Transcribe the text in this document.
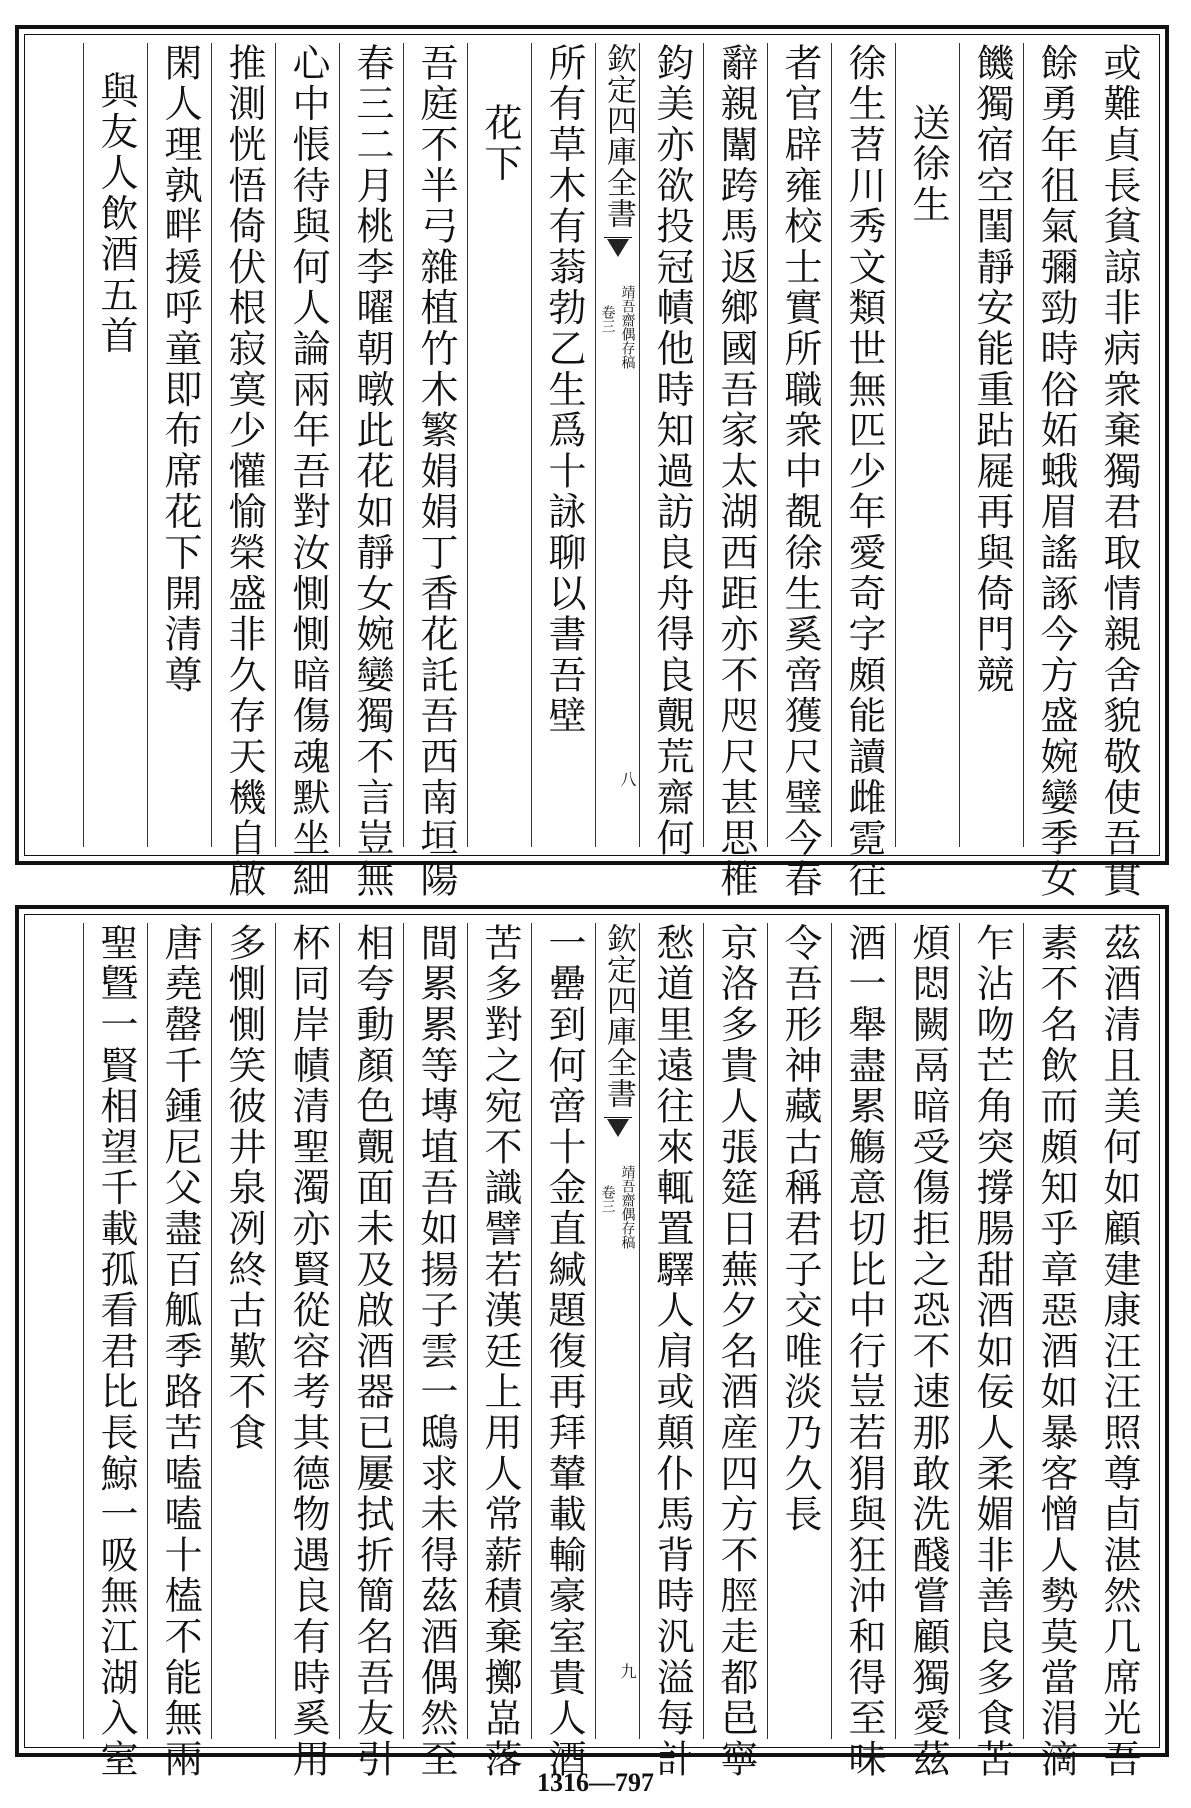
或難貞長貧諒非病衆棄獨君取情親舍貌敬使吾貫
餘勇年徂氣彌勁時俗妬蛾眉謠諑今方盛婉孌季女
饑獨宿空閨靜安能重跕屣再與倚門競
送徐生
徐生苕川秀文類世無匹少年愛奇字頗能讀雌霓往
者官辟雍校士實所職衆中覩徐生奚啻獲尺璧今春
辭親闈跨馬返鄉國吾家太湖西距亦不咫尺甚思椎
鈞美亦欲投冠幘他時知過訪良舟得良覿荒齋何
欽定四庫全書
靖吾齋偶存稿
卷三
八
所有草木有蓊勃乙生爲十詠聊以書吾壁
花下
吾庭不半弓雜植竹木繁娟娟丁香花託吾西南垣陽
春三二月桃李曜朝暾此花如靜女婉孌獨不言豈無
心中悵待與何人論兩年吾對汝惻惻暗傷魂默坐細
推測恍悟倚伏根寂寞少懽愉榮盛非久存天機自啟
閑人理孰畔援呼童即布席花下開清尊
與友人飲酒五首
茲酒清且美何如顧建康汪汪照尊卣湛然几席光吾
素不名飲而頗知乎章惡酒如暴客憎人勢莫當涓滴
乍沾吻芒角突撐腸甜酒如佞人柔媚非善良多食苦
煩悶闕鬲暗受傷拒之恐不速那敢洗醆嘗顧獨愛茲
酒一舉盡累觴意切比中行豈若狷與狂沖和得至味
令吾形神藏古稱君子交唯淡乃久長
京洛多貴人張筵日蕪夕名酒産四方不脛走都邑寧
愁道里遠往來輒置驛人肩或顛仆馬背時汎溢每計
欽定四庫全書
靖吾齋偶存稿
卷三
九
一罍到何啻十金直緘題復再拜輦載輸豪室貴人酒
苦多對之宛不識譬若漢廷上用人常薪積棄擲嵓落
間累累等塼埴吾如揚子雲一鴟求未得茲酒偶然至
相夸動顏色覿面未及啟酒器已屢拭折簡名吾友引
杯同岸幘清聖濁亦賢從容考其德物遇良有時奚用
多惻惻笑彼井泉冽終古歎不食
唐堯罄千鍾尼父盡百觚季路苦嗑嗑十榼不能無兩
聖曁一賢相望千載孤看君比長鯨一吸無江湖入室
1316—797
